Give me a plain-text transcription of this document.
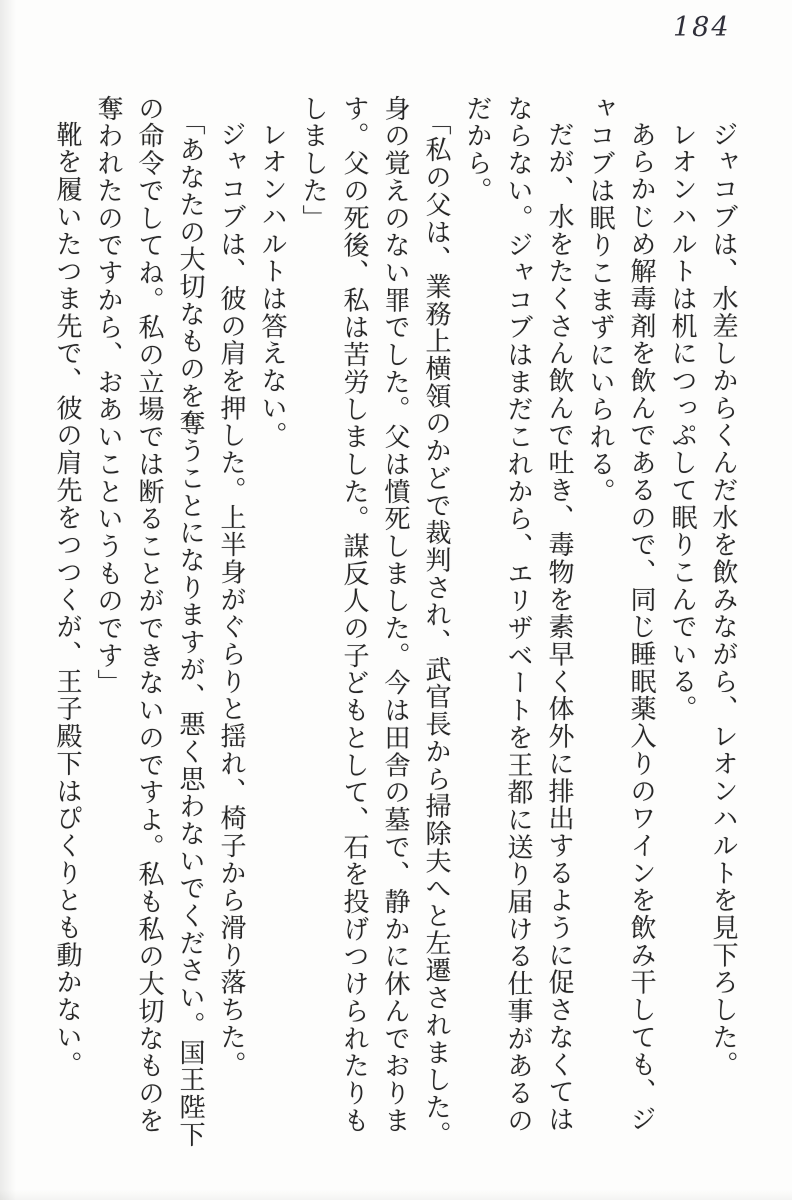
184

ジャコブは、水差しからくんだ水を飲みながら、レオンハルトを見下ろした。

レオンハルトは机につっぷして眠りこんでいる。

あらかじめ解毒剤を飲んであるので、同じ睡眠薬入りのワインを飲み干しても、ジ

ャコブは眠りこまずにいられる。

だが、水をたくさん飲んで吐き、毒物を素早く体外に排出するように促さなくては

ならない。ジャコブはまだこれから、エリザベートを王都に送り届ける仕事があるの

だから。

「私の父は、業務上横領のかどで裁判され、武官長から掃除夫へと左遷されました。

身の覚えのない罪でした。父は憤死しました。今は田舎の墓で、静かに休んでおりま

す。父の死後、私は苦労しました。謀反人の子どもとして、石を投げつけられたりも

しました」

レオンハルトは答えない。

ジャコブは、彼の肩を押した。上半身がぐらりと揺れ、椅子から滑り落ちた。

「あなたの大切なものを奪うことになりますが、悪く思わないでください。国王陛下

の命令でしてね。私の立場では断ることができないのですよ。私も私の大切なものを

奪われたのですから、おあいこというものです」

靴を履いたつま先で、彼の肩先をつつくが、王子殿下はぴくりとも動かない。
